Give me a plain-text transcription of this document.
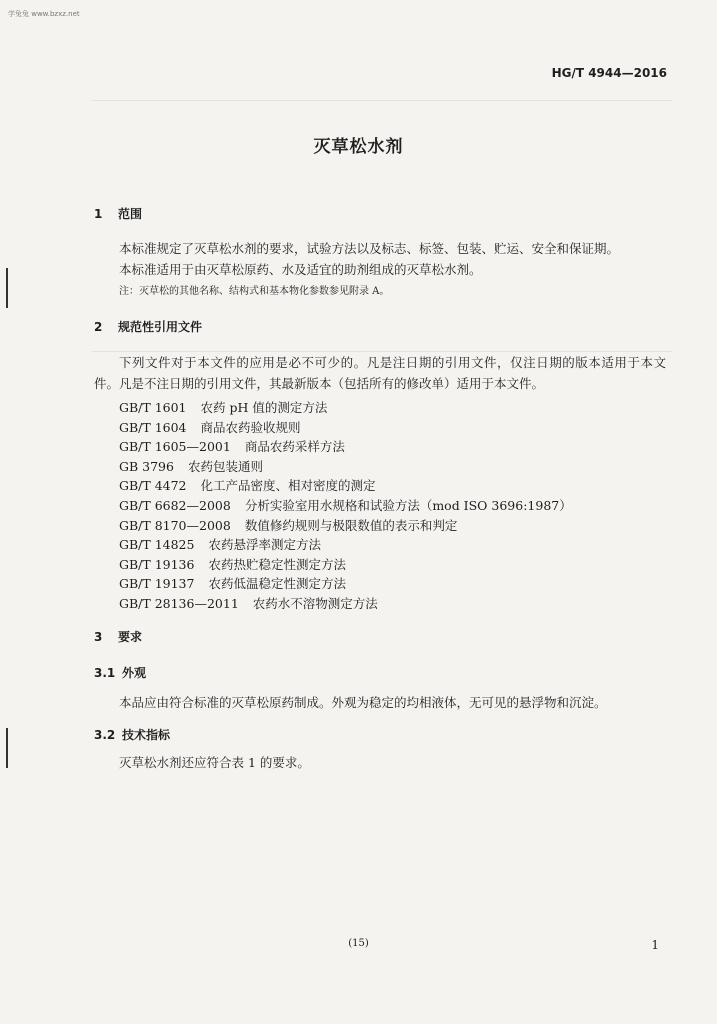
学兔兔 www.bzxz.net
HG/T 4944—2016
灭草松水剂
1 范围
本标准规定了灭草松水剂的要求，试验方法以及标志、标签、包装、贮运、安全和保证期。
本标准适用于由灭草松原药、水及适宜的助剂组成的灭草松水剂。
注：灭草松的其他名称、结构式和基本物化参数参见附录 A。
2 规范性引用文件
下列文件对于本文件的应用是必不可少的。凡是注日期的引用文件，仅注日期的版本适用于本文件。凡是不注日期的引用文件，其最新版本（包括所有的修改单）适用于本文件。
GB/T 1601 农药 pH 值的测定方法
GB/T 1604 商品农药验收规则
GB/T 1605—2001 商品农药采样方法
GB 3796 农药包装通则
GB/T 4472 化工产品密度、相对密度的测定
GB/T 6682—2008 分析实验室用水规格和试验方法（mod ISO 3696:1987）
GB/T 8170—2008 数值修约规则与极限数值的表示和判定
GB/T 14825 农药悬浮率测定方法
GB/T 19136 农药热贮稳定性测定方法
GB/T 19137 农药低温稳定性测定方法
GB/T 28136—2011 农药水不溶物测定方法
3 要求
3.1 外观
本品应由符合标准的灭草松原药制成。外观为稳定的均相液体，无可见的悬浮物和沉淀。
3.2 技术指标
灭草松水剂还应符合表 1 的要求。
(15)	1
